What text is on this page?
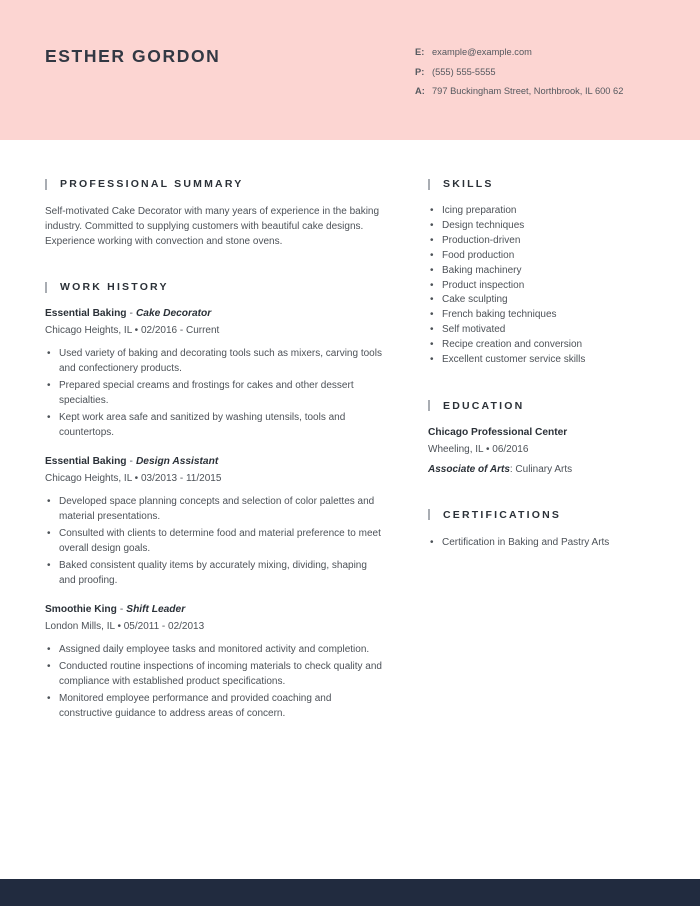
ESTHER GORDON	E: example@example.com
P: (555) 555-5555
A: 797 Buckingham Street, Northbrook, IL 600 62
PROFESSIONAL SUMMARY

Self-motivated Cake Decorator with many years of experience in the baking industry. Committed to supplying customers with beautiful cake designs. Experience working with convection and stone ovens.

WORK HISTORY
Essential Baking - Cake Decorator
Chicago Heights, IL • 02/2016 - Current
•
Used variety of baking and decorating tools such as mixers, carving tools and confectionery products.
•
Prepared special creams and frostings for cakes and other dessert specialties.
•
Kept work area safe and sanitized by washing utensils, tools and countertops.
Essential Baking - Design Assistant
Chicago Heights, IL • 03/2013 - 11/2015
•
Developed space planning concepts and selection of color palettes and material presentations.
•
Consulted with clients to determine food and material preference to meet overall design goals.
•
Baked consistent quality items by accurately mixing, dividing, shaping and proofing.
Smoothie King - Shift Leader
London Mills, IL • 05/2011 - 02/2013
•
Assigned daily employee tasks and monitored activity and completion.
•
Conducted routine inspections of incoming materials to check quality and compliance with established product specifications.
•
Monitored employee performance and provided coaching and constructive guidance to address areas of concern.
SKILLS
•
Icing preparation
•
Design techniques
•
Production-driven
•
Food production
•
Baking machinery
•
Product inspection
•
Cake sculpting
•
French baking techniques
•
Self motivated
•
Recipe creation and conversion
•
Excellent customer service skills
EDUCATION
Chicago Professional Center
Wheeling, IL • 06/2016
Associate of Arts: Culinary Arts
CERTIFICATIONS
•
Certification in Baking and Pastry Arts
